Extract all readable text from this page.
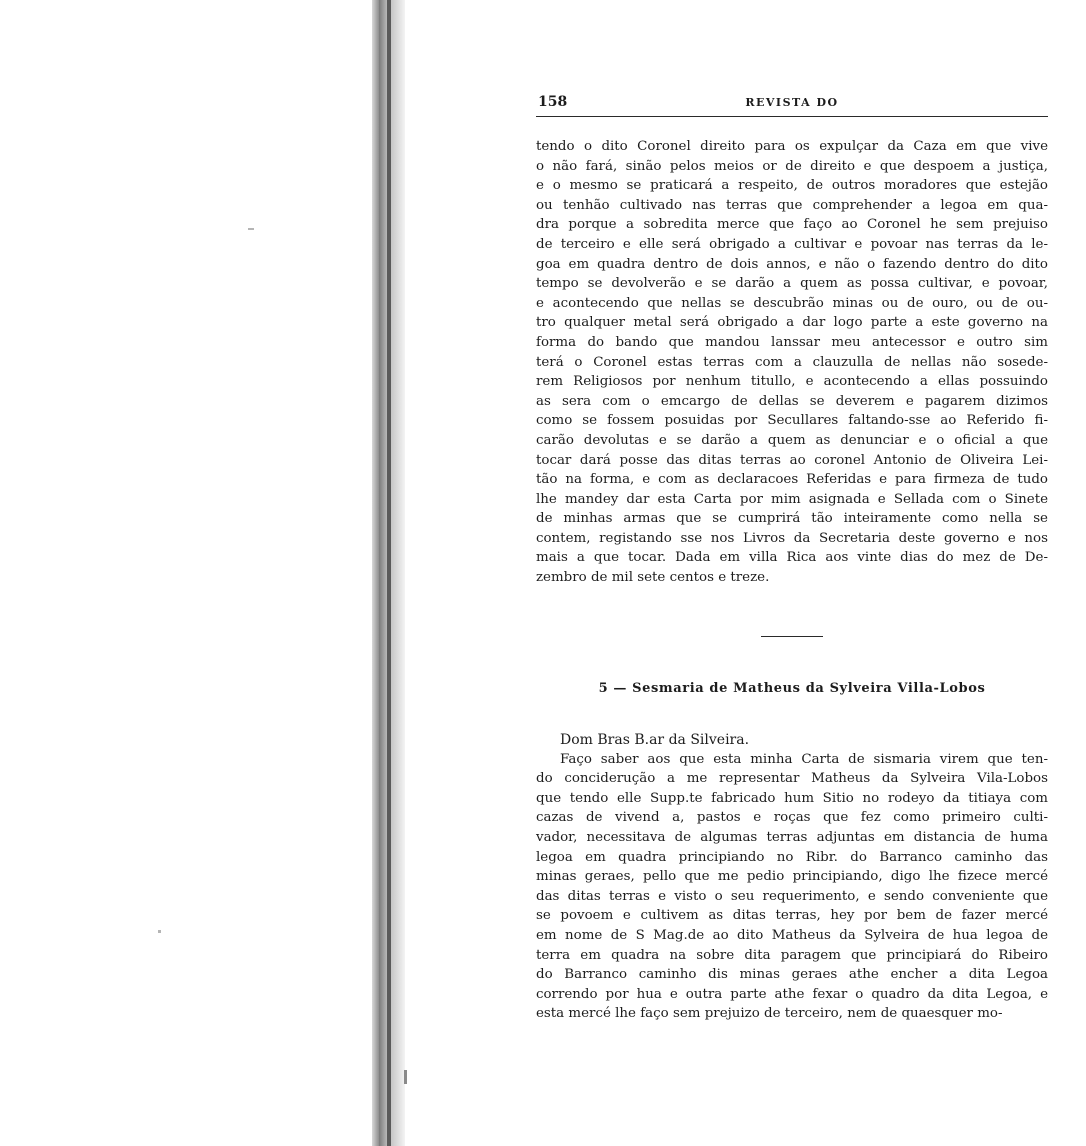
158	REVISTA DO
tendo o dito Coronel direito para os expulçar da Caza em que vive
o não fará, sinão pelos meios or de direito e que despoem a justiça,
e o mesmo se praticará a respeito, de outros moradores que estejão
ou tenhão cultivado nas terras que comprehender a legoa em qua-
dra porque a sobredita merce que faço ao Coronel he sem prejuiso
de terceiro e elle será obrigado a cultivar e povoar nas terras da le-
goa em quadra dentro de dois annos, e não o fazendo dentro do dito
tempo se devolverão e se darão a quem as possa cultivar, e povoar,
e acontecendo que nellas se descubrão minas ou de ouro, ou de ou-
tro qualquer metal será obrigado a dar logo parte a este governo na
forma do bando que mandou lanssar meu antecessor e outro sim
terá o Coronel estas terras com a clauzulla de nellas não sosede-
rem Religiosos por nenhum titullo, e acontecendo a ellas possuindo
as sera com o emcargo de dellas se deverem e pagarem dizimos
como se fossem posuidas por Secullares faltando-sse ao Referido fi-
carão devolutas e se darão a quem as denunciar e o oficial a que
tocar dará posse das ditas terras ao coronel Antonio de Oliveira Lei-
tão na forma, e com as declaracoes Referidas e para firmeza de tudo
lhe mandey dar esta Carta por mim asignada e Sellada com o Sinete
de minhas armas que se cumprirá tão inteiramente como nella se
contem, registando sse nos Livros da Secretaria deste governo e nos
mais a que tocar. Dada em villa Rica aos vinte dias do mez de De-
zembro de mil sete centos e treze.
5 — Sesmaria de Matheus da Sylveira Villa-Lobos
Dom Bras B.ar da Silveira.
Faço saber aos que esta minha Carta de sismaria virem que ten-
do conciderução a me representar Matheus da Sylveira Vila-Lobos
que tendo elle Supp.te fabricado hum Sitio no rodeyo da titiaya com
cazas de vivend a, pastos e roças que fez como primeiro culti-
vador, necessitava de algumas terras adjuntas em distancia de huma
legoa em quadra principiando no Ribr. do Barranco caminho das
minas geraes, pello que me pedio principiando, digo lhe fizece mercé
das ditas terras e visto o seu requerimento, e sendo conveniente que
se povoem e cultivem as ditas terras, hey por bem de fazer mercé
em nome de S Mag.de ao dito Matheus da Sylveira de hua legoa de
terra em quadra na sobre dita paragem que principiará do Ribeiro
do Barranco caminho dis minas geraes athe encher a dita Legoa
correndo por hua e outra parte athe fexar o quadro da dita Legoa, e
esta mercé lhe faço sem prejuizo de terceiro, nem de quaesquer mo-
